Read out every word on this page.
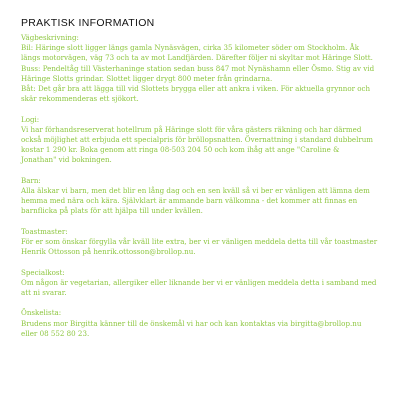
PRAKTISK INFORMATION

Vägbeskrivning:
Bil: Häringe slott ligger längs gamla Nynäsvägen, cirka 35 kilometer söder om Stockholm. Åk
längs motorvägen, väg 73 och ta av mot Landfjärden. Därefter följer ni skyltar mot Häringe Slott.
Buss: Pendeltåg till Västerhaninge station sedan buss 847 mot Nynäshamn eller Ösmo. Stig av vid
Häringe Slotts grindar. Slottet ligger drygt 800 meter från grindarna.
Båt: Det går bra att lägga till vid Slottets brygga eller att ankra i viken. För aktuella grynnor och
skär rekommenderas ett sjökort.

Logi:
Vi har förhandsreserverat hotellrum på Häringe slott för våra gästers räkning och har därmed
också möjlighet att erbjuda ett specialpris för bröllopsnatten. Övernattning i standard dubbelrum
kostar 1 290 kr. Boka genom att ringa 08-503 204 50 och kom ihåg att ange "Caroline &
Jonathan" vid bokningen.

Barn:
Alla älskar vi barn, men det blir en lång dag och en sen kväll så vi ber er vänligen att lämna dem
hemma med nära och kära. Självklart är ammande barn välkomna - det kommer att finnas en
barnflicka på plats för att hjälpa till under kvällen.

Toastmaster:
För er som önskar förgylla vår kväll lite extra, ber vi er vänligen meddela detta till vår toastmaster
Henrik Ottosson på henrik.ottosson@brollop.nu.

Specialkost:
Om någon är vegetarian, allergiker eller liknande ber vi er vänligen meddela detta i samband med
att ni svarar.

Önskelista:
Brudens mor Birgitta känner till de önskemål vi har och kan kontaktas via birgitta@brollop.nu
eller 08 552 80 23.
